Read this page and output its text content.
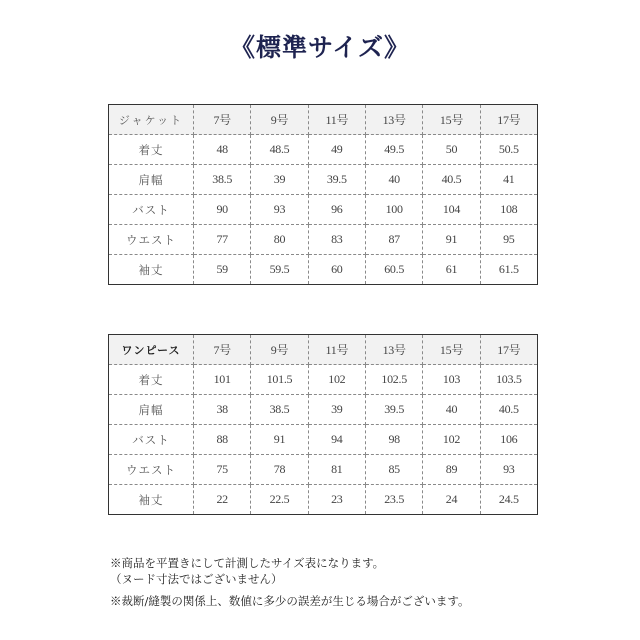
《標準サイズ》
ジャケット	7号	9号	11号	13号	15号	17号
着丈	48	48.5	49	49.5	50	50.5
肩幅	38.5	39	39.5	40	40.5	41
バスト	90	93	96	100	104	108
ウエスト	77	80	83	87	91	95
袖丈	59	59.5	60	60.5	61	61.5
ワンピース	7号	9号	11号	13号	15号	17号
着丈	101	101.5	102	102.5	103	103.5
肩幅	38	38.5	39	39.5	40	40.5
バスト	88	91	94	98	102	106
ウエスト	75	78	81	85	89	93
袖丈	22	22.5	23	23.5	24	24.5
※商品を平置きにして計測したサイズ表になります。
（ヌード寸法ではございません）
※裁断/縫製の関係上、数値に多少の誤差が生じる場合がございます。
